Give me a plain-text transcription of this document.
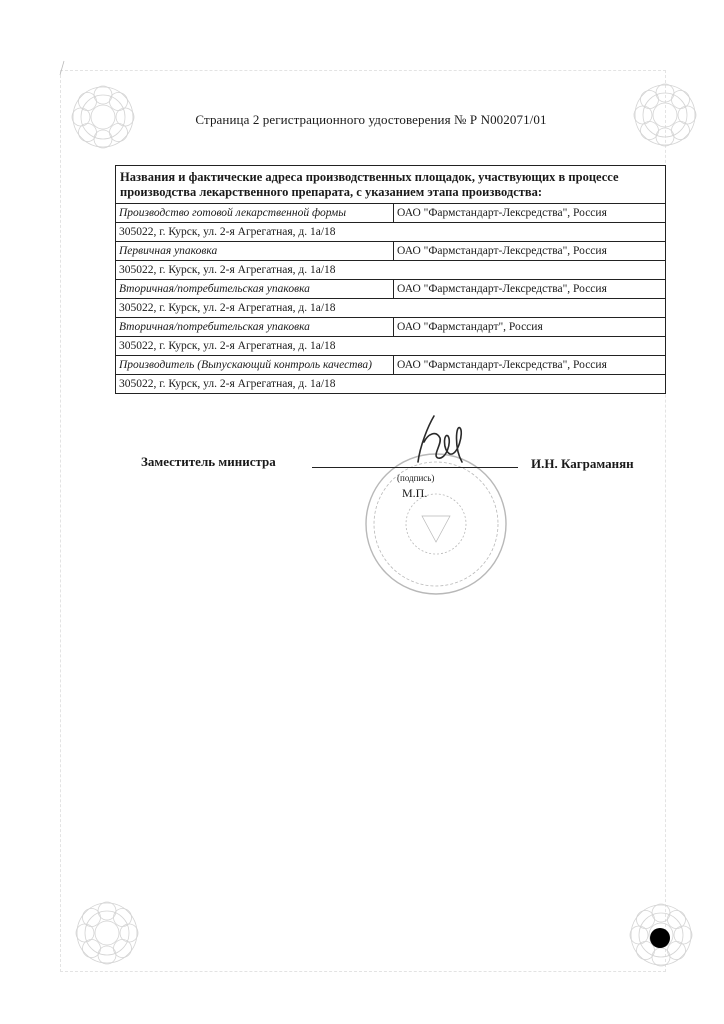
Страница 2 регистрационного удостоверения № Р N002071/01
Названия и фактические адреса производственных площадок, участвующих в процессе производства лекарственного препарата, с указанием этапа производства:
Производство готовой лекарственной формы	ОАО "Фармстандарт-Лексредства", Россия
305022, г. Курск, ул. 2-я Агрегатная, д. 1а/18
Первичная упаковка	ОАО "Фармстандарт-Лексредства", Россия
305022, г. Курск, ул. 2-я Агрегатная, д. 1а/18
Вторичная/потребительская упаковка	ОАО "Фармстандарт-Лексредства", Россия
305022, г. Курск, ул. 2-я Агрегатная, д. 1а/18
Вторичная/потребительская упаковка	ОАО "Фармстандарт", Россия
305022, г. Курск, ул. 2-я Агрегатная, д. 1а/18
Производитель (Выпускающий контроль качества)	ОАО "Фармстандарт-Лексредства", Россия
305022, г. Курск, ул. 2-я Агрегатная, д. 1а/18
Заместитель министра	И.Н. Каграманян
(подпись)
М.П.
